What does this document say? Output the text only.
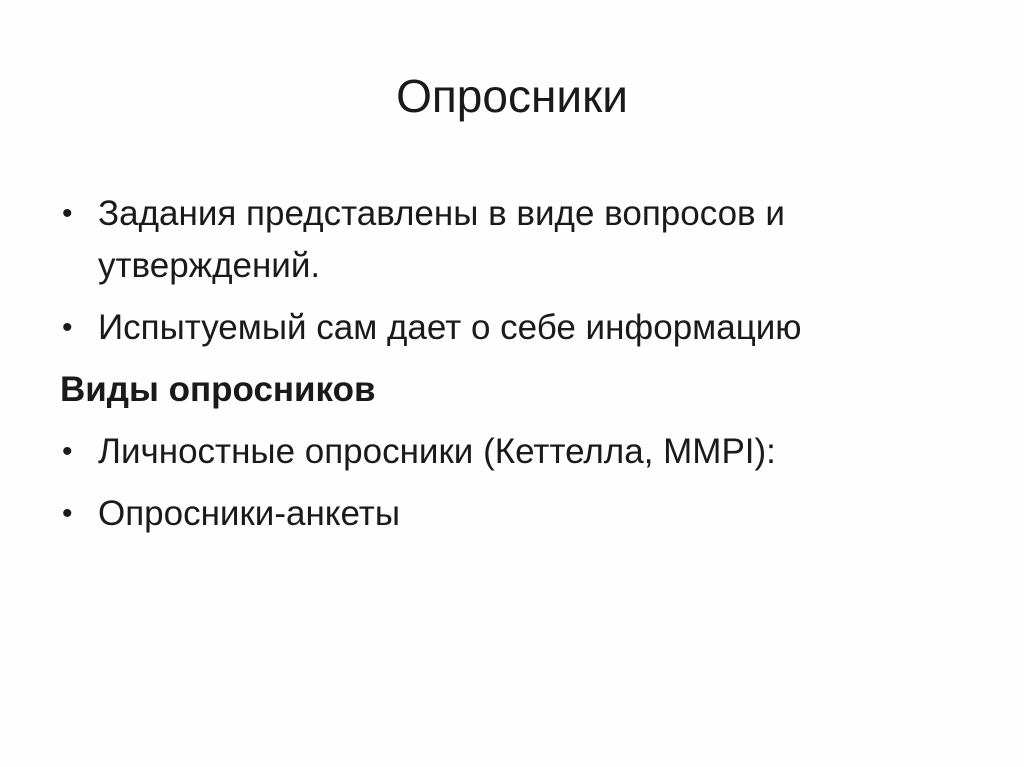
Опросники
• Задания представлены в виде вопросов и утверждений.
• Испытуемый сам дает о себе информацию
Виды опросников
• Личностные опросники (Кеттелла, MMPI):
• Опросники-анкеты
